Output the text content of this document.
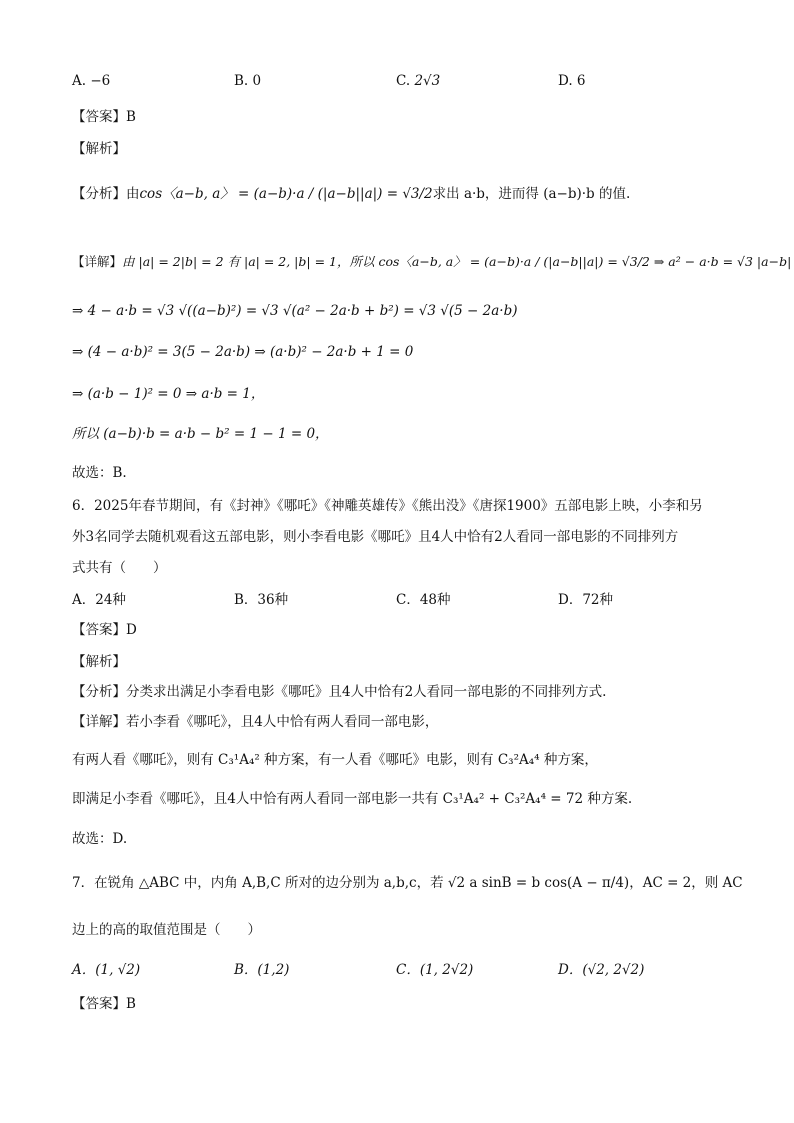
A. −6	B. 0	C. 2√3	D. 6
【答案】B
【解析】
【分析】由cos〈a−b, a〉 = (a−b)·a / (|a−b||a|) = √3/2求出 a·b，进而得 (a−b)·b 的值.
【详解】由 |a| = 2|b| = 2 有 |a| = 2, |b| = 1，所以 cos〈a−b, a〉 = (a−b)·a / (|a−b||a|) = √3/2 ⇒ a² − a·b = √3 |a−b|
⇒ 4 − a·b = √3 √((a−b)²) = √3 √(a² − 2a·b + b²) = √3 √(5 − 2a·b)
⇒ (4 − a·b)² = 3(5 − 2a·b) ⇒ (a·b)² − 2a·b + 1 = 0
⇒ (a·b − 1)² = 0 ⇒ a·b = 1，
所以 (a−b)·b = a·b − b² = 1 − 1 = 0，
故选：B.
6．2025年春节期间，有《封神》《哪吒》《神雕英雄传》《熊出没》《唐探1900》五部电影上映，小李和另
外3名同学去随机观看这五部电影，则小李看电影《哪吒》且4人中恰有2人看同一部电影的不同排列方
式共有（　　）
A．24种	B．36种	C．48种	D．72种
【答案】D
【解析】
【分析】分类求出满足小李看电影《哪吒》且4人中恰有2人看同一部电影的不同排列方式.
【详解】若小李看《哪吒》，且4人中恰有两人看同一部电影，
有两人看《哪吒》，则有 C₃¹A₄² 种方案，有一人看《哪吒》电影，则有 C₃²A₄⁴ 种方案，
即满足小李看《哪吒》，且4人中恰有两人看同一部电影一共有 C₃¹A₄² + C₃²A₄⁴ = 72 种方案.
故选：D.
7．在锐角 △ABC 中，内角 A,B,C 所对的边分别为 a,b,c，若 √2 a sinB = b cos(A − π/4)，AC = 2，则 AC
边上的高的取值范围是（　　）
A．(1, √2)	B．(1,2)	C．(1, 2√2)	D．(√2, 2√2)
【答案】B
